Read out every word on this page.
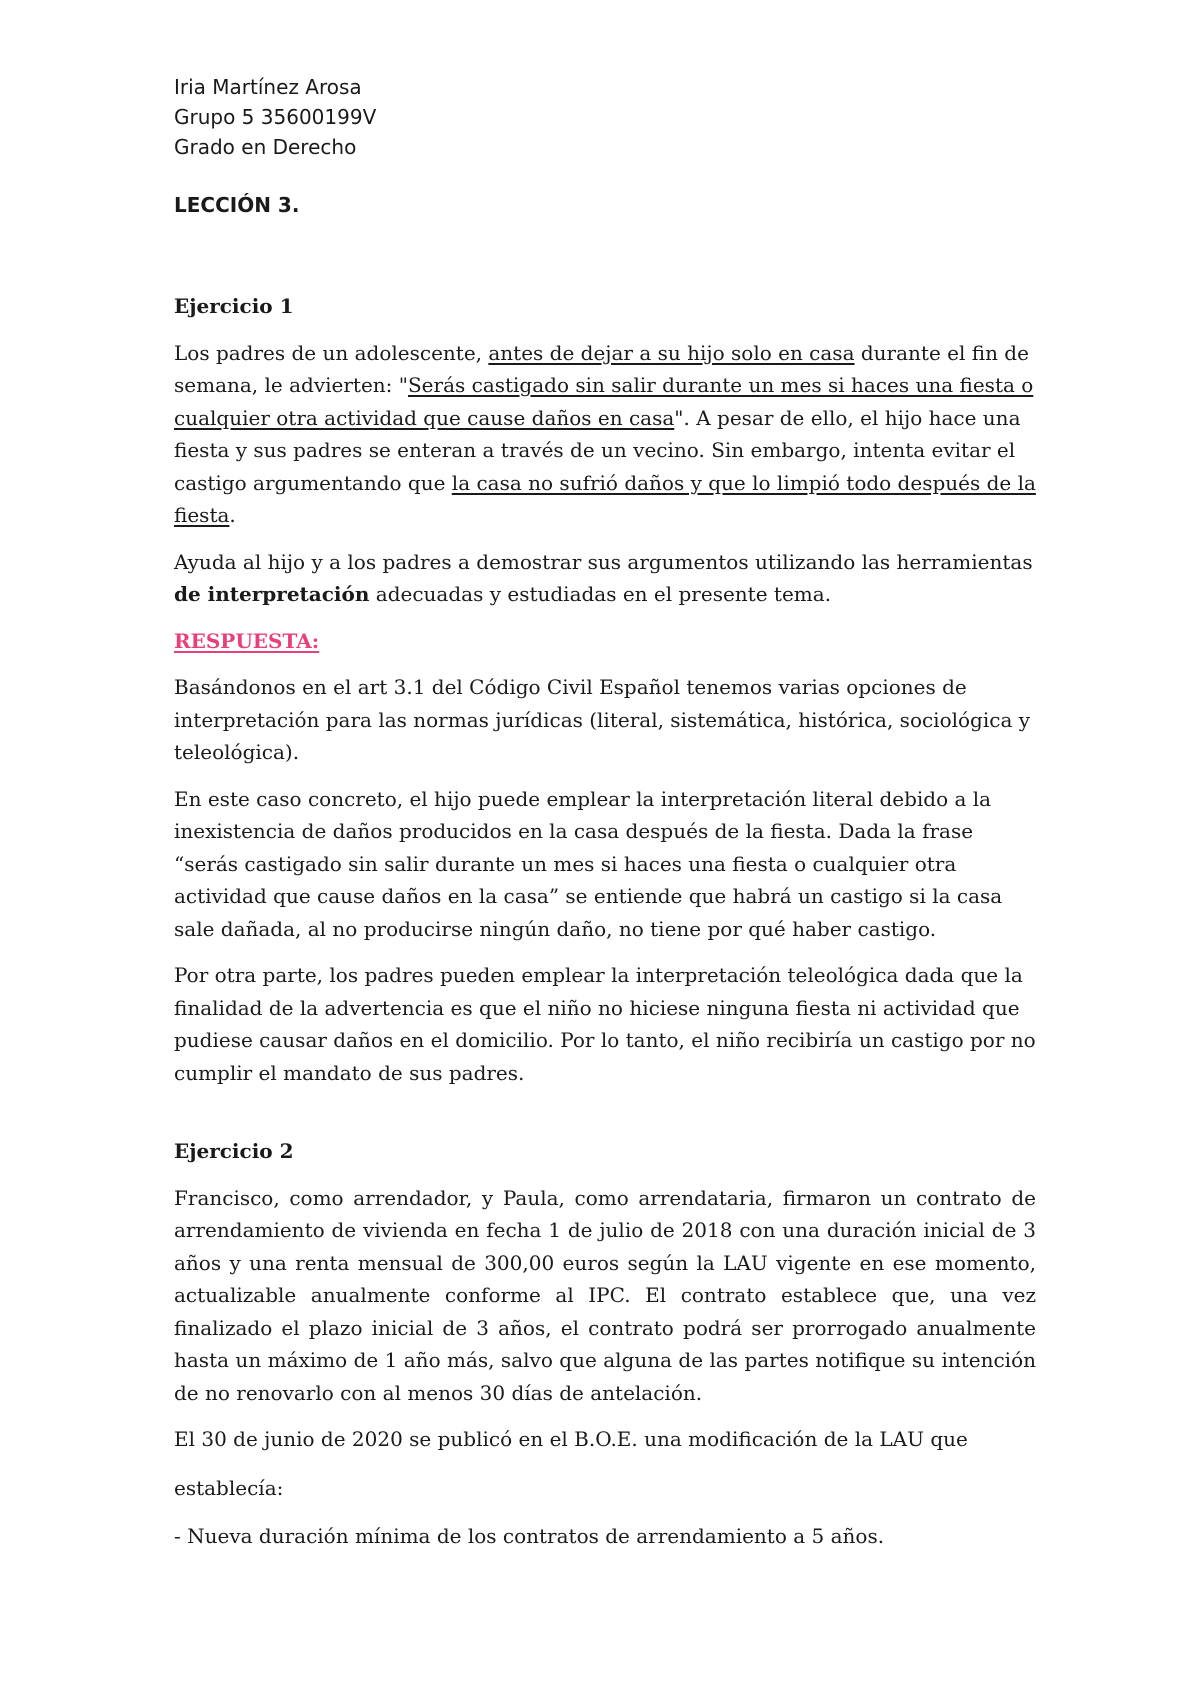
Iria Martínez Arosa
Grupo 5 35600199V
Grado en Derecho
LECCIÓN 3.
Ejercicio 1

Los padres de un adolescente, antes de dejar a su hijo solo en casa durante el fin de semana, le advierten: "Serás castigado sin salir durante un mes si haces una fiesta o cualquier otra actividad que cause daños en casa". A pesar de ello, el hijo hace una fiesta y sus padres se enteran a través de un vecino. Sin embargo, intenta evitar el castigo argumentando que la casa no sufrió daños y que lo limpió todo después de la fiesta.

Ayuda al hijo y a los padres a demostrar sus argumentos utilizando las herramientas de interpretación adecuadas y estudiadas en el presente tema.

RESPUESTA:

Basándonos en el art 3.1 del Código Civil Español tenemos varias opciones de interpretación para las normas jurídicas (literal, sistemática, histórica, sociológica y teleológica).

En este caso concreto, el hijo puede emplear la interpretación literal debido a la inexistencia de daños producidos en la casa después de la fiesta. Dada la frase “serás castigado sin salir durante un mes si haces una fiesta o cualquier otra actividad que cause daños en la casa” se entiende que habrá un castigo si la casa sale dañada, al no producirse ningún daño, no tiene por qué haber castigo.

Por otra parte, los padres pueden emplear la interpretación teleológica dada que la finalidad de la advertencia es que el niño no hiciese ninguna fiesta ni actividad que pudiese causar daños en el domicilio. Por lo tanto, el niño recibiría un castigo por no cumplir el mandato de sus padres.

Ejercicio 2

Francisco, como arrendador, y Paula, como arrendataria, firmaron un contrato de arrendamiento de vivienda en fecha 1 de julio de 2018 con una duración inicial de 3 años y una renta mensual de 300,00 euros según la LAU vigente en ese momento, actualizable anualmente conforme al IPC. El contrato establece que, una vez finalizado el plazo inicial de 3 años, el contrato podrá ser prorrogado anualmente hasta un máximo de 1 año más, salvo que alguna de las partes notifique su intención de no renovarlo con al menos 30 días de antelación.

El 30 de junio de 2020 se publicó en el B.O.E. una modificación de la LAU que

establecía:

- Nueva duración mínima de los contratos de arrendamiento a 5 años.
